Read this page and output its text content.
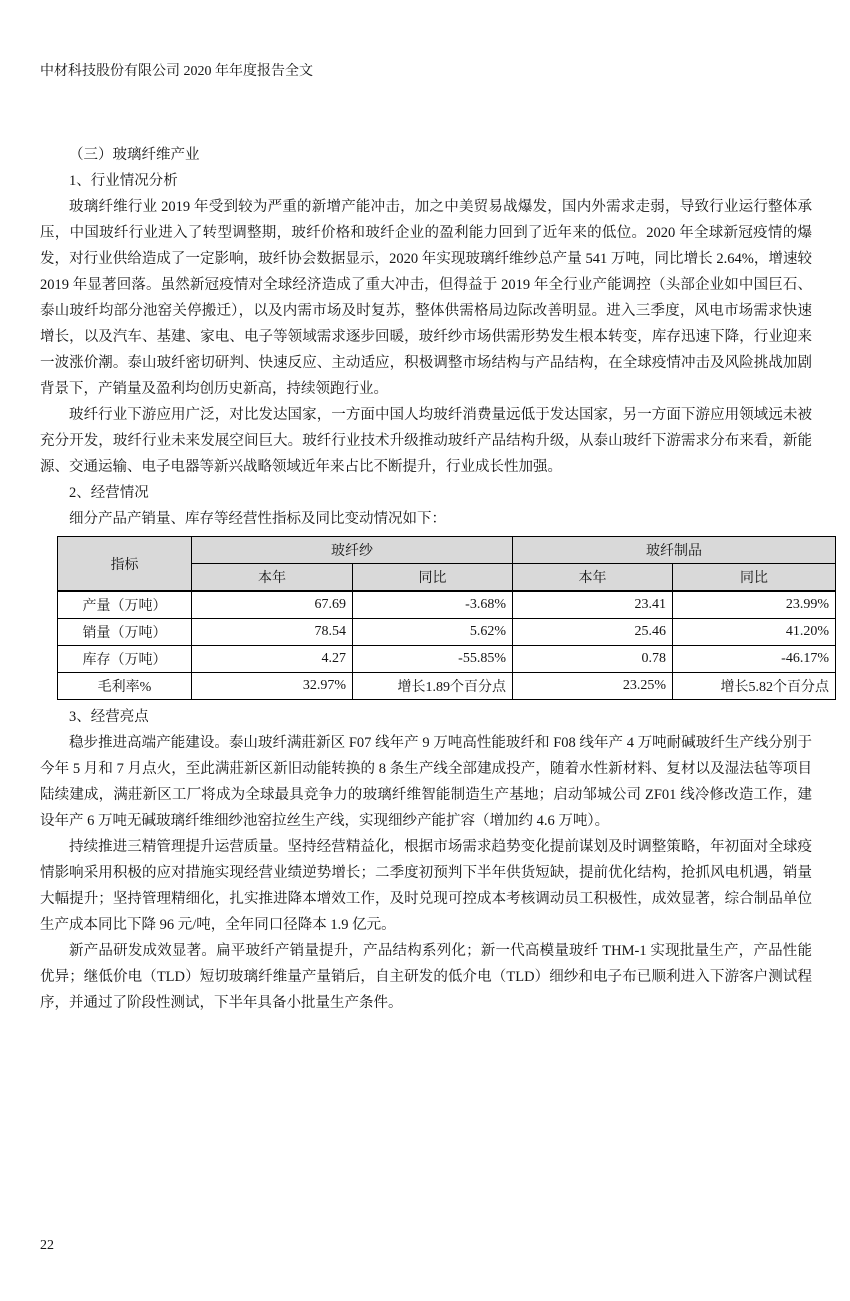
中材科技股份有限公司 2020 年年度报告全文
（三）玻璃纤维产业
1、行业情况分析

玻璃纤维行业 2019 年受到较为严重的新增产能冲击，加之中美贸易战爆发，国内外需求走弱，导致行业运行整体承压，中国玻纤行业进入了转型调整期，玻纤价格和玻纤企业的盈利能力回到了近年来的低位。2020 年全球新冠疫情的爆发，对行业供给造成了一定影响，玻纤协会数据显示，2020 年实现玻璃纤维纱总产量 541 万吨，同比增长 2.64%，增速较 2019 年显著回落。虽然新冠疫情对全球经济造成了重大冲击，但得益于 2019 年全行业产能调控（头部企业如中国巨石、泰山玻纤均部分池窑关停搬迁），以及内需市场及时复苏，整体供需格局边际改善明显。进入三季度，风电市场需求快速增长，以及汽车、基建、家电、电子等领域需求逐步回暖，玻纤纱市场供需形势发生根本转变，库存迅速下降，行业迎来一波涨价潮。泰山玻纤密切研判、快速反应、主动适应，积极调整市场结构与产品结构，在全球疫情冲击及风险挑战加剧背景下，产销量及盈利均创历史新高，持续领跑行业。

玻纤行业下游应用广泛，对比发达国家，一方面中国人均玻纤消费量远低于发达国家，另一方面下游应用领域远未被充分开发，玻纤行业未来发展空间巨大。玻纤行业技术升级推动玻纤产品结构升级，从泰山玻纤下游需求分布来看，新能源、交通运输、电子电器等新兴战略领域近年来占比不断提升，行业成长性加强。

2、经营情况
细分产品产销量、库存等经营性指标及同比变动情况如下：
指标	玻纤纱		玻纤制品	
	本年	同比	本年	同比
产量（万吨）	67.69	-3.68%	23.41	23.99%
销量（万吨）	78.54	5.62%	25.46	41.20%
库存（万吨）	4.27	-55.85%	0.78	-46.17%
毛利率%	32.97%	增长1.89个百分点	23.25%	增长5.82个百分点
3、经营亮点

稳步推进高端产能建设。泰山玻纤满莊新区 F07 线年产 9 万吨高性能玻纤和 F08 线年产 4 万吨耐碱玻纤生产线分别于今年 5 月和 7 月点火，至此满莊新区新旧动能转换的 8 条生产线全部建成投产，随着水性新材料、复材以及湿法毡等项目陆续建成，满莊新区工厂将成为全球最具竞争力的玻璃纤维智能制造生产基地；启动邹城公司 ZF01 线冷修改造工作，建设年产 6 万吨无碱玻璃纤维细纱池窑拉丝生产线，实现细纱产能扩容（增加约 4.6 万吨）。

持续推进三精管理提升运营质量。坚持经营精益化，根据市场需求趋势变化提前谋划及时调整策略，年初面对全球疫情影响采用积极的应对措施实现经营业绩逆势增长；二季度初预判下半年供货短缺，提前优化结构，抢抓风电机遇，销量大幅提升；坚持管理精细化，扎实推进降本增效工作，及时兑现可控成本考核调动员工积极性，成效显著，综合制品单位生产成本同比下降 96 元/吨，全年同口径降本 1.9 亿元。

新产品研发成效显著。扁平玻纤产销量提升，产品结构系列化；新一代高模量玻纤 THM-1 实现批量生产，产品性能优异；继低价电（TLD）短切玻璃纤维量产量销后，自主研发的低介电（TLD）细纱和电子布已顺利进入下游客户测试程序，并通过了阶段性测试，下半年具备小批量生产条件。

22
